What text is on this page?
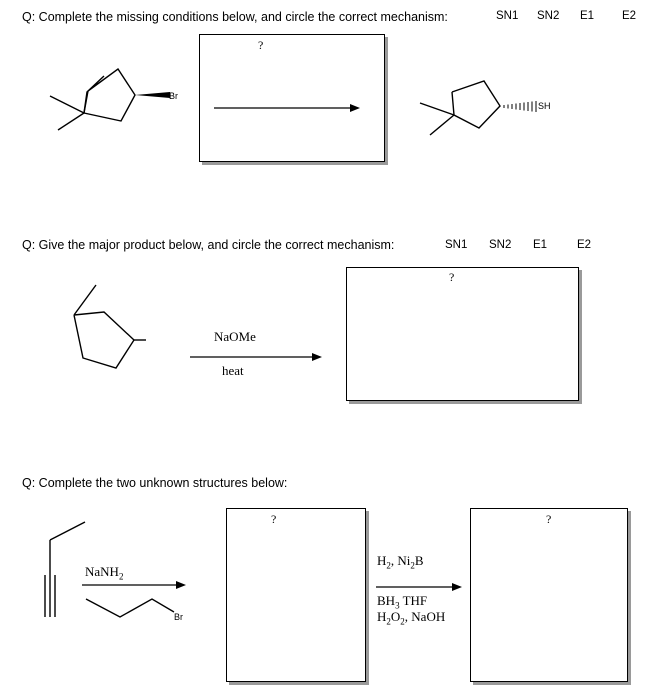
Q: Complete the missing conditions below, and circle the correct mechanism:	SN1 SN2 E1 E2
?
Br
SH
Q: Give the major product below, and circle the correct mechanism:	SN1 SN2 E1	E2
?
NaOMe
heat
Q: Complete the two unknown structures below:
?	?
NaNH$_2$
Br
$H_2$, $Ni_2B$
$BH_3$ THF
$H_2O_2$, NaOH
